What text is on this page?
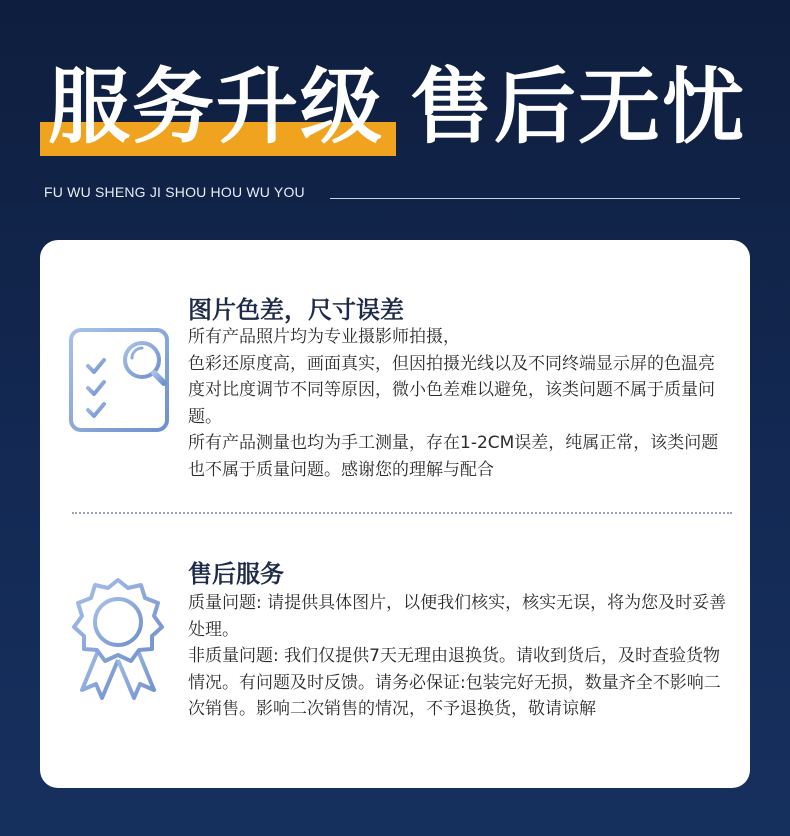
服务升级 售后无忧
FU WU SHENG JI SHOU HOU WU YOU
图片色差，尺寸误差

所有产品照片均为专业摄影师拍摄，

色彩还原度高，画面真实，但因拍摄光线以及不同终端显示屏的色温亮度对比度调节不同等原因，微小色差难以避免，该类问题不属于质量问题。

所有产品测量也均为手工测量，存在1-2CM误差，纯属正常，该类问题也不属于质量问题。感谢您的理解与配合

售后服务

质量问题: 请提供具体图片，以便我们核实，核实无误，将为您及时妥善处理。

非质量问题: 我们仅提供7天无理由退换货。请收到货后，及时查验货物情况。有问题及时反馈。请务必保证:包装完好无损，数量齐全不影响二次销售。影响二次销售的情况，不予退换货，敬请谅解
